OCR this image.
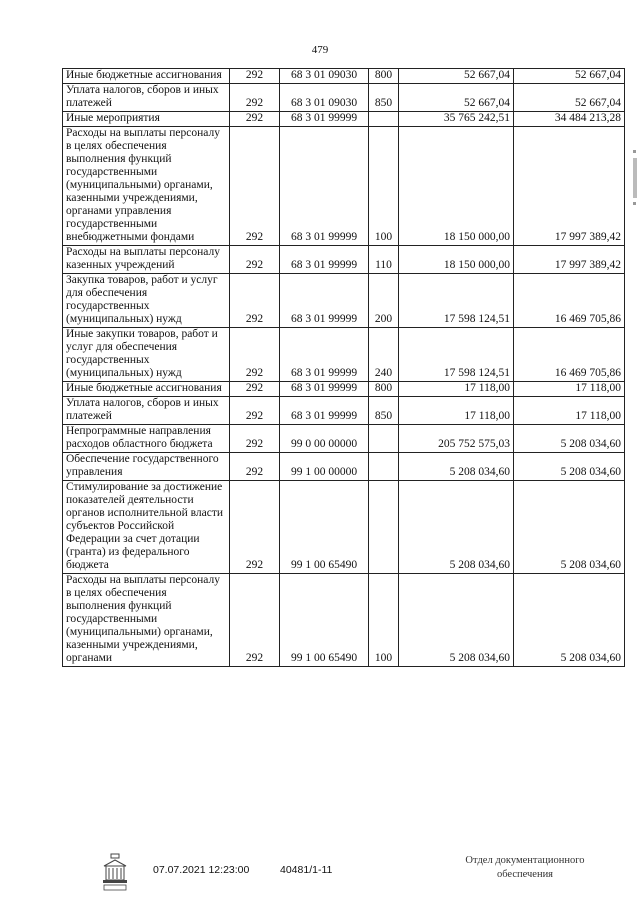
479
Иные бюджетные ассигнования	292	68 3 01 09030	800	52 667,04	52 667,04
Уплата налогов, сборов и иных платежей	292	68 3 01 09030	850	52 667,04	52 667,04
Иные мероприятия	292	68 3 01 99999		35 765 242,51	34 484 213,28
Расходы на выплаты персоналу в целях обеспечения выполнения функций государственными (муниципальными) органами, казенными учреждениями, органами управления государственными внебюджетными фондами	292	68 3 01 99999	100	18 150 000,00	17 997 389,42
Расходы на выплаты персоналу казенных учреждений	292	68 3 01 99999	110	18 150 000,00	17 997 389,42
Закупка товаров, работ и услуг для обеспечения государственных (муниципальных) нужд	292	68 3 01 99999	200	17 598 124,51	16 469 705,86
Иные закупки товаров, работ и услуг для обеспечения государственных (муниципальных) нужд	292	68 3 01 99999	240	17 598 124,51	16 469 705,86
Иные бюджетные ассигнования	292	68 3 01 99999	800	17 118,00	17 118,00
Уплата налогов, сборов и иных платежей	292	68 3 01 99999	850	17 118,00	17 118,00
Непрограммные направления расходов областного бюджета	292	99 0 00 00000		205 752 575,03	5 208 034,60
Обеспечение государственного управления	292	99 1 00 00000		5 208 034,60	5 208 034,60
Стимулирование за достижение показателей деятельности органов исполнительной власти субъектов Российской Федерации за счет дотации (гранта) из федерального бюджета	292	99 1 00 65490		5 208 034,60	5 208 034,60
Расходы на выплаты персоналу в целях обеспечения выполнения функций государственными (муниципальными) органами, казенными учреждениями, органами	292	99 1 00 65490	100	5 208 034,60	5 208 034,60
07.07.2021 12:23:00	40481/1-11
Отдел документационного
обеспечения
